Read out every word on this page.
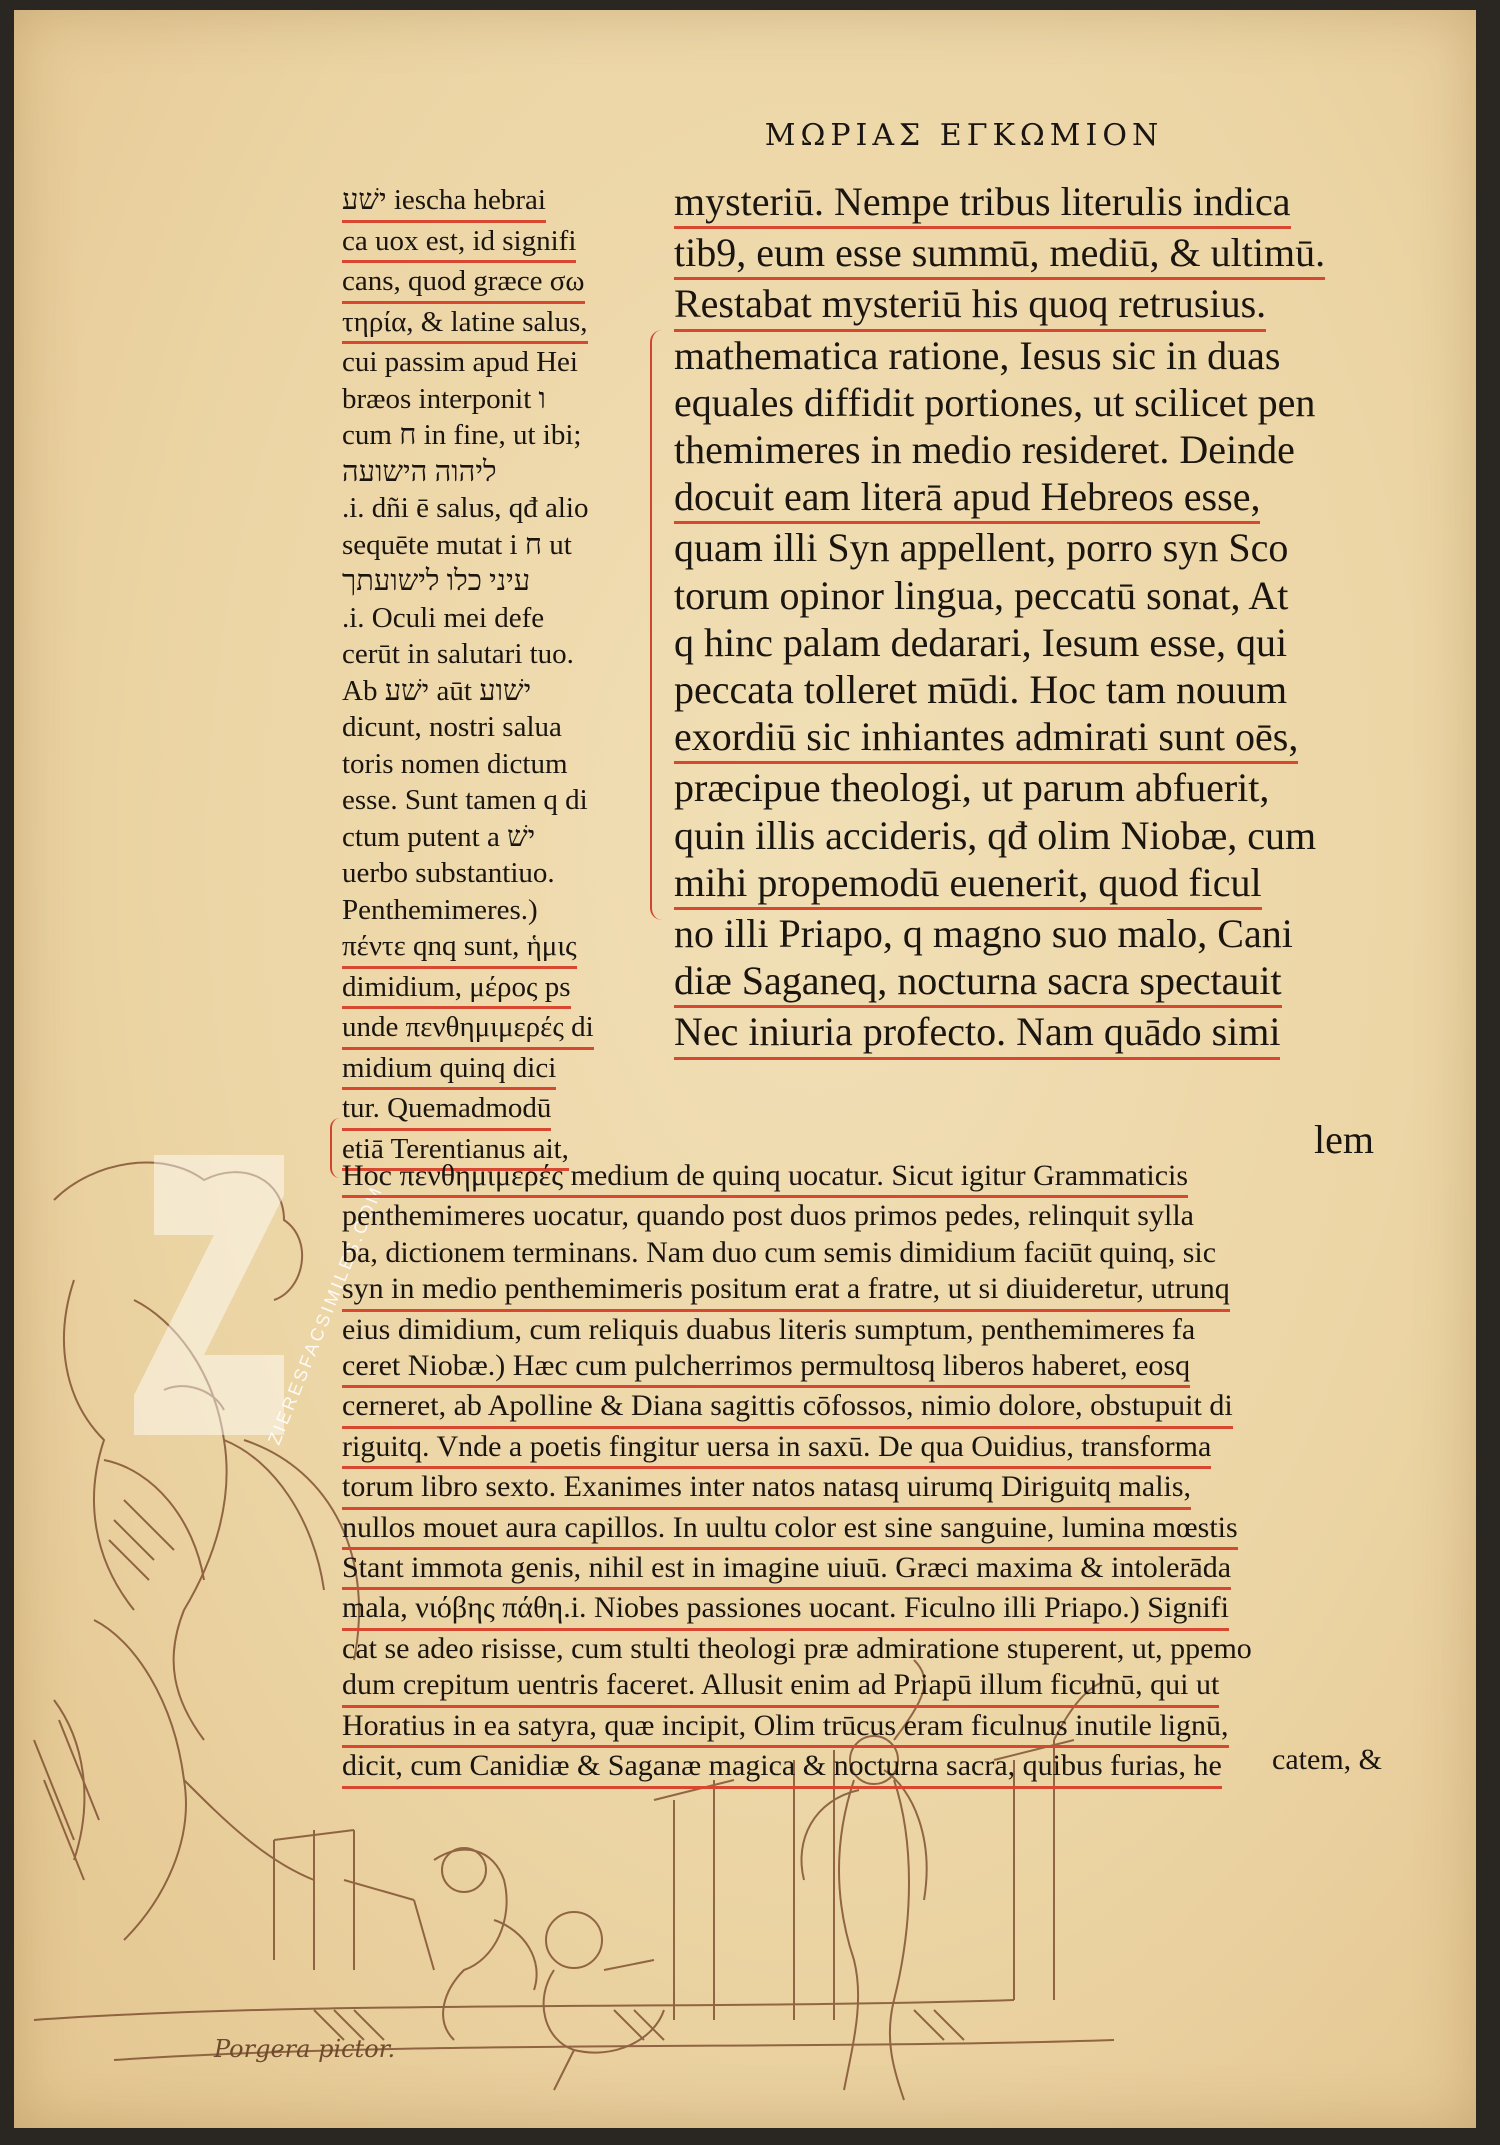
ΜΩΡΙΑΣ ΕΓΚΩΜΙΟΝ
ישׁע iescha hebrai
ca uox est, id signifi
cans, quod græce σω
τηρία, & latine salus,
cui passim apud Hei
bræos interponit ו
cum ח in fine, ut ibi;
ליהוה הישועה
.i. dñi ē salus, qđ alio
sequēte mutat i ח ut
עיני כלו לישועתך
.i. Oculi mei defe
cerūt in salutari tuo.
Ab ישׁע aūt ישׁוע
dicunt, nostri salua
toris nomen dictum
esse. Sunt tamen q di
ctum putent a ישׁ
uerbo substantiuo.
Penthemimeres.)
πέντε qnq sunt, ἡμις
dimidium, μέρος ps
unde πενθημιμερές di
midium quinq dici
tur. Quemadmodū
etiā Terentianus ait,
mysteriū. Nempe tribus literulis indica
tib9, eum esse summū, mediū, & ultimū.
Restabat mysteriū his quoq retrusius.
mathematica ratione, Iesus sic in duas
equales diffidit portiones, ut scilicet pen
themimeres in medio resideret. Deinde
docuit eam literā apud Hebreos esse,
quam illi Syn appellent, porro syn Sco
torum opinor lingua, peccatū sonat, At
q hinc palam dedarari, Iesum esse, qui
peccata tolleret mūdi. Hoc tam nouum
exordiū sic inhiantes admirati sunt oēs,
præcipue theologi, ut parum abfuerit,
quin illis accideris, qđ olim Niobæ, cum
mihi propemodū euenerit, quod ficul
no illi Priapo, q magno suo malo, Cani
diæ Saganeq, nocturna sacra spectauit
Nec iniuria profecto. Nam quādo simi
lem
ZIERESFACSIMILES.COM
Hoc πενθημιμερές medium de quinq uocatur. Sicut igitur Grammaticis
penthemimeres uocatur, quando post duos primos pedes, relinquit sylla
ba, dictionem terminans. Nam duo cum semis dimidium faciūt quinq, sic
syn in medio penthemimeris positum erat a fratre, ut si diuideretur, utrunq
eius dimidium, cum reliquis duabus literis sumptum, penthemimeres fa
ceret Niobæ.) Hæc cum pulcherrimos permultosq liberos haberet, eosq
cerneret, ab Apolline & Diana sagittis cōfossos, nimio dolore, obstupuit di
riguitq. Vnde a poetis fingitur uersa in saxū. De qua Ouidius, transforma
torum libro sexto. Exanimes inter natos natasq uirumq Diriguitq malis,
nullos mouet aura capillos. In uultu color est sine sanguine, lumina mœstis
Stant immota genis, nihil est in imagine uiuū. Græci maxima & intolerāda
mala, νιόβης πάθη.i. Niobes passiones uocant. Ficulno illi Priapo.) Signifi
cat se adeo risisse, cum stulti theologi præ admiratione stuperent, ut, ppemo
dum crepitum uentris faceret. Allusit enim ad Priapū illum ficulnū, qui ut
Horatius in ea satyra, quæ incipit, Olim trūcus eram ficulnus inutile lignū,
dicit, cum Canidiæ & Saganæ magica & nocturna sacra, quibus furias, he	catem, &
Porgera pictor.
